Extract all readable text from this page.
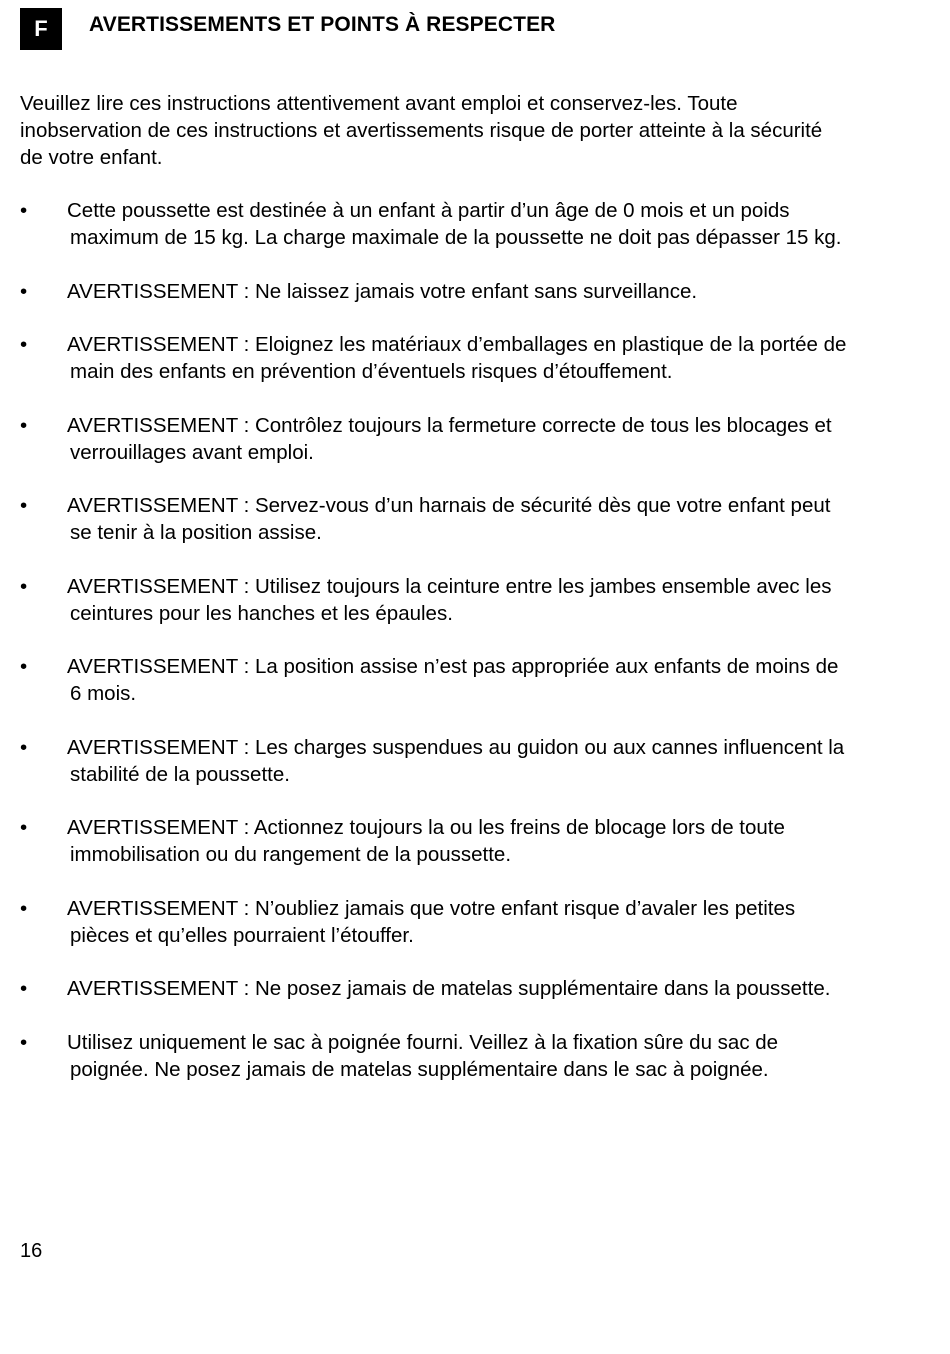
F	AVERTISSEMENTS ET POINTS À RESPECTER

Veuillez lire ces instructions attentivement avant emploi et conservez-les. Toute inobservation de ces instructions et avertissements risque de porter atteinte à la sécurité de votre enfant.

• Cette poussette est destinée à un enfant à partir d’un âge de 0 mois et un poids maximum de 15 kg. La charge maximale de la poussette ne doit pas dépasser 15 kg.
• AVERTISSEMENT : Ne laissez jamais votre enfant sans surveillance.
• AVERTISSEMENT : Eloignez les matériaux d’emballages en plastique de la portée de main des enfants en prévention d’éventuels risques d’étouffement.
• AVERTISSEMENT : Contrôlez toujours la fermeture correcte de tous les blocages et verrouillages avant emploi.
• AVERTISSEMENT : Servez-vous d’un harnais de sécurité dès que votre enfant peut se tenir à la position assise.
• AVERTISSEMENT : Utilisez toujours la ceinture entre les jambes ensemble avec les ceintures pour les hanches et les épaules.
• AVERTISSEMENT : La position assise n’est pas appropriée aux enfants de moins de 6 mois.
• AVERTISSEMENT : Les charges suspendues au guidon ou aux cannes influencent la stabilité de la poussette.
• AVERTISSEMENT : Actionnez toujours la ou les freins de blocage lors de toute immobilisation ou du rangement de la poussette.
• AVERTISSEMENT : N’oubliez jamais que votre enfant risque d’avaler les petites pièces et qu’elles pourraient l’étouffer.
• AVERTISSEMENT : Ne posez jamais de matelas supplémentaire dans la poussette.
• Utilisez uniquement le sac à poignée fourni. Veillez à la fixation sûre du sac de poignée. Ne posez jamais de matelas supplémentaire dans le sac à poignée.
16
